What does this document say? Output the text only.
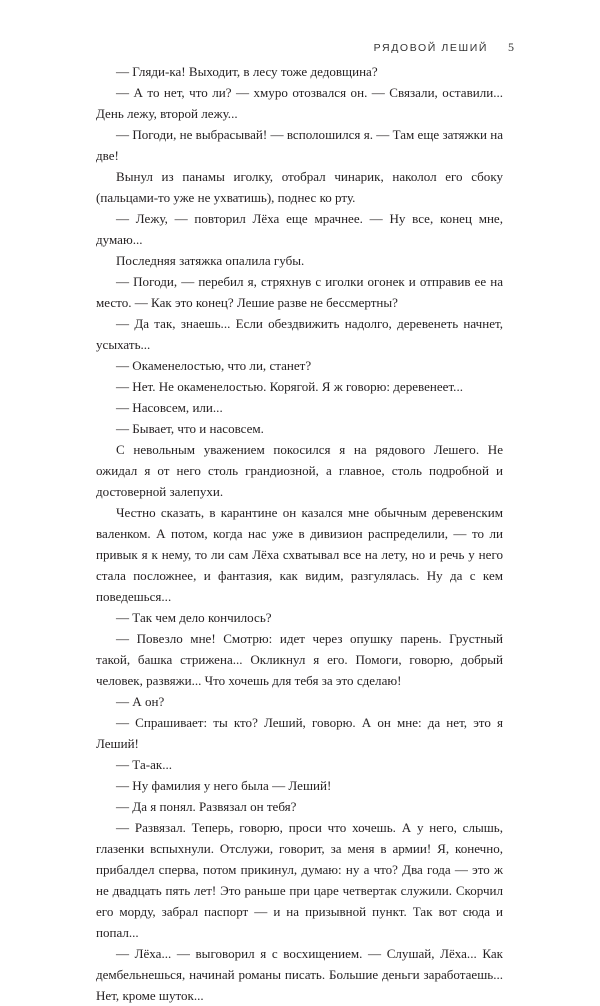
РЯДОВОЙ ЛЕШИЙ 5

— Гляди-ка! Выходит, в лесу тоже дедовщина?

— А то нет, что ли? — хмуро отозвался он. — Связали, оставили... День лежу, второй лежу...

— Погоди, не выбрасывай! — всполошился я. — Там еще затяжки на две!

Вынул из панамы иголку, отобрал чинарик, наколол его сбоку (пальцами-то уже не ухватишь), поднес ко рту.

— Лежу, — повторил Лёха еще мрачнее. — Ну все, конец мне, думаю...

Последняя затяжка опалила губы.

— Погоди, — перебил я, стряхнув с иголки огонек и отправив ее на место. — Как это конец? Лешие разве не бессмертны?

— Да так, знаешь... Если обездвижить надолго, деревенеть начнет, усыхать...

— Окаменелостью, что ли, станет?

— Нет. Не окаменелостью. Корягой. Я ж говорю: деревенеет...

— Насовсем, или...

— Бывает, что и насовсем.

С невольным уважением покосился я на рядового Лешего. Не ожидал я от него столь грандиозной, а главное, столь подробной и достоверной залепухи.

Честно сказать, в карантине он казался мне обычным деревенским валенком. А потом, когда нас уже в дивизион распределили, — то ли привык я к нему, то ли сам Лёха схватывал все на лету, но и речь у него стала посложнее, и фантазия, как видим, разгулялась. Ну да с кем поведешься...

— Так чем дело кончилось?

— Повезло мне! Смотрю: идет через опушку парень. Грустный такой, башка стрижена... Окликнул я его. Помоги, говорю, добрый человек, развяжи... Что хочешь для тебя за это сделаю!

— А он?

— Спрашивает: ты кто? Леший, говорю. А он мне: да нет, это я Леший!

— Та-ак...

— Ну фамилия у него была — Леший!

— Да я понял. Развязал он тебя?

— Развязал. Теперь, говорю, проси что хочешь. А у него, слышь, глазенки вспыхнули. Отслужи, говорит, за меня в армии! Я, конечно, прибалдел сперва, потом прикинул, думаю: ну а что? Два года — это ж не двадцать пять лет! Это раньше при царе четвертак служили. Скорчил его морду, забрал паспорт — и на призывной пункт. Так вот сюда и попал...

— Лёха... — выговорил я с восхищением. — Слушай, Лёха... Как дембельнешься, начинай романы писать. Большие деньги заработаешь... Нет, кроме шуток...
